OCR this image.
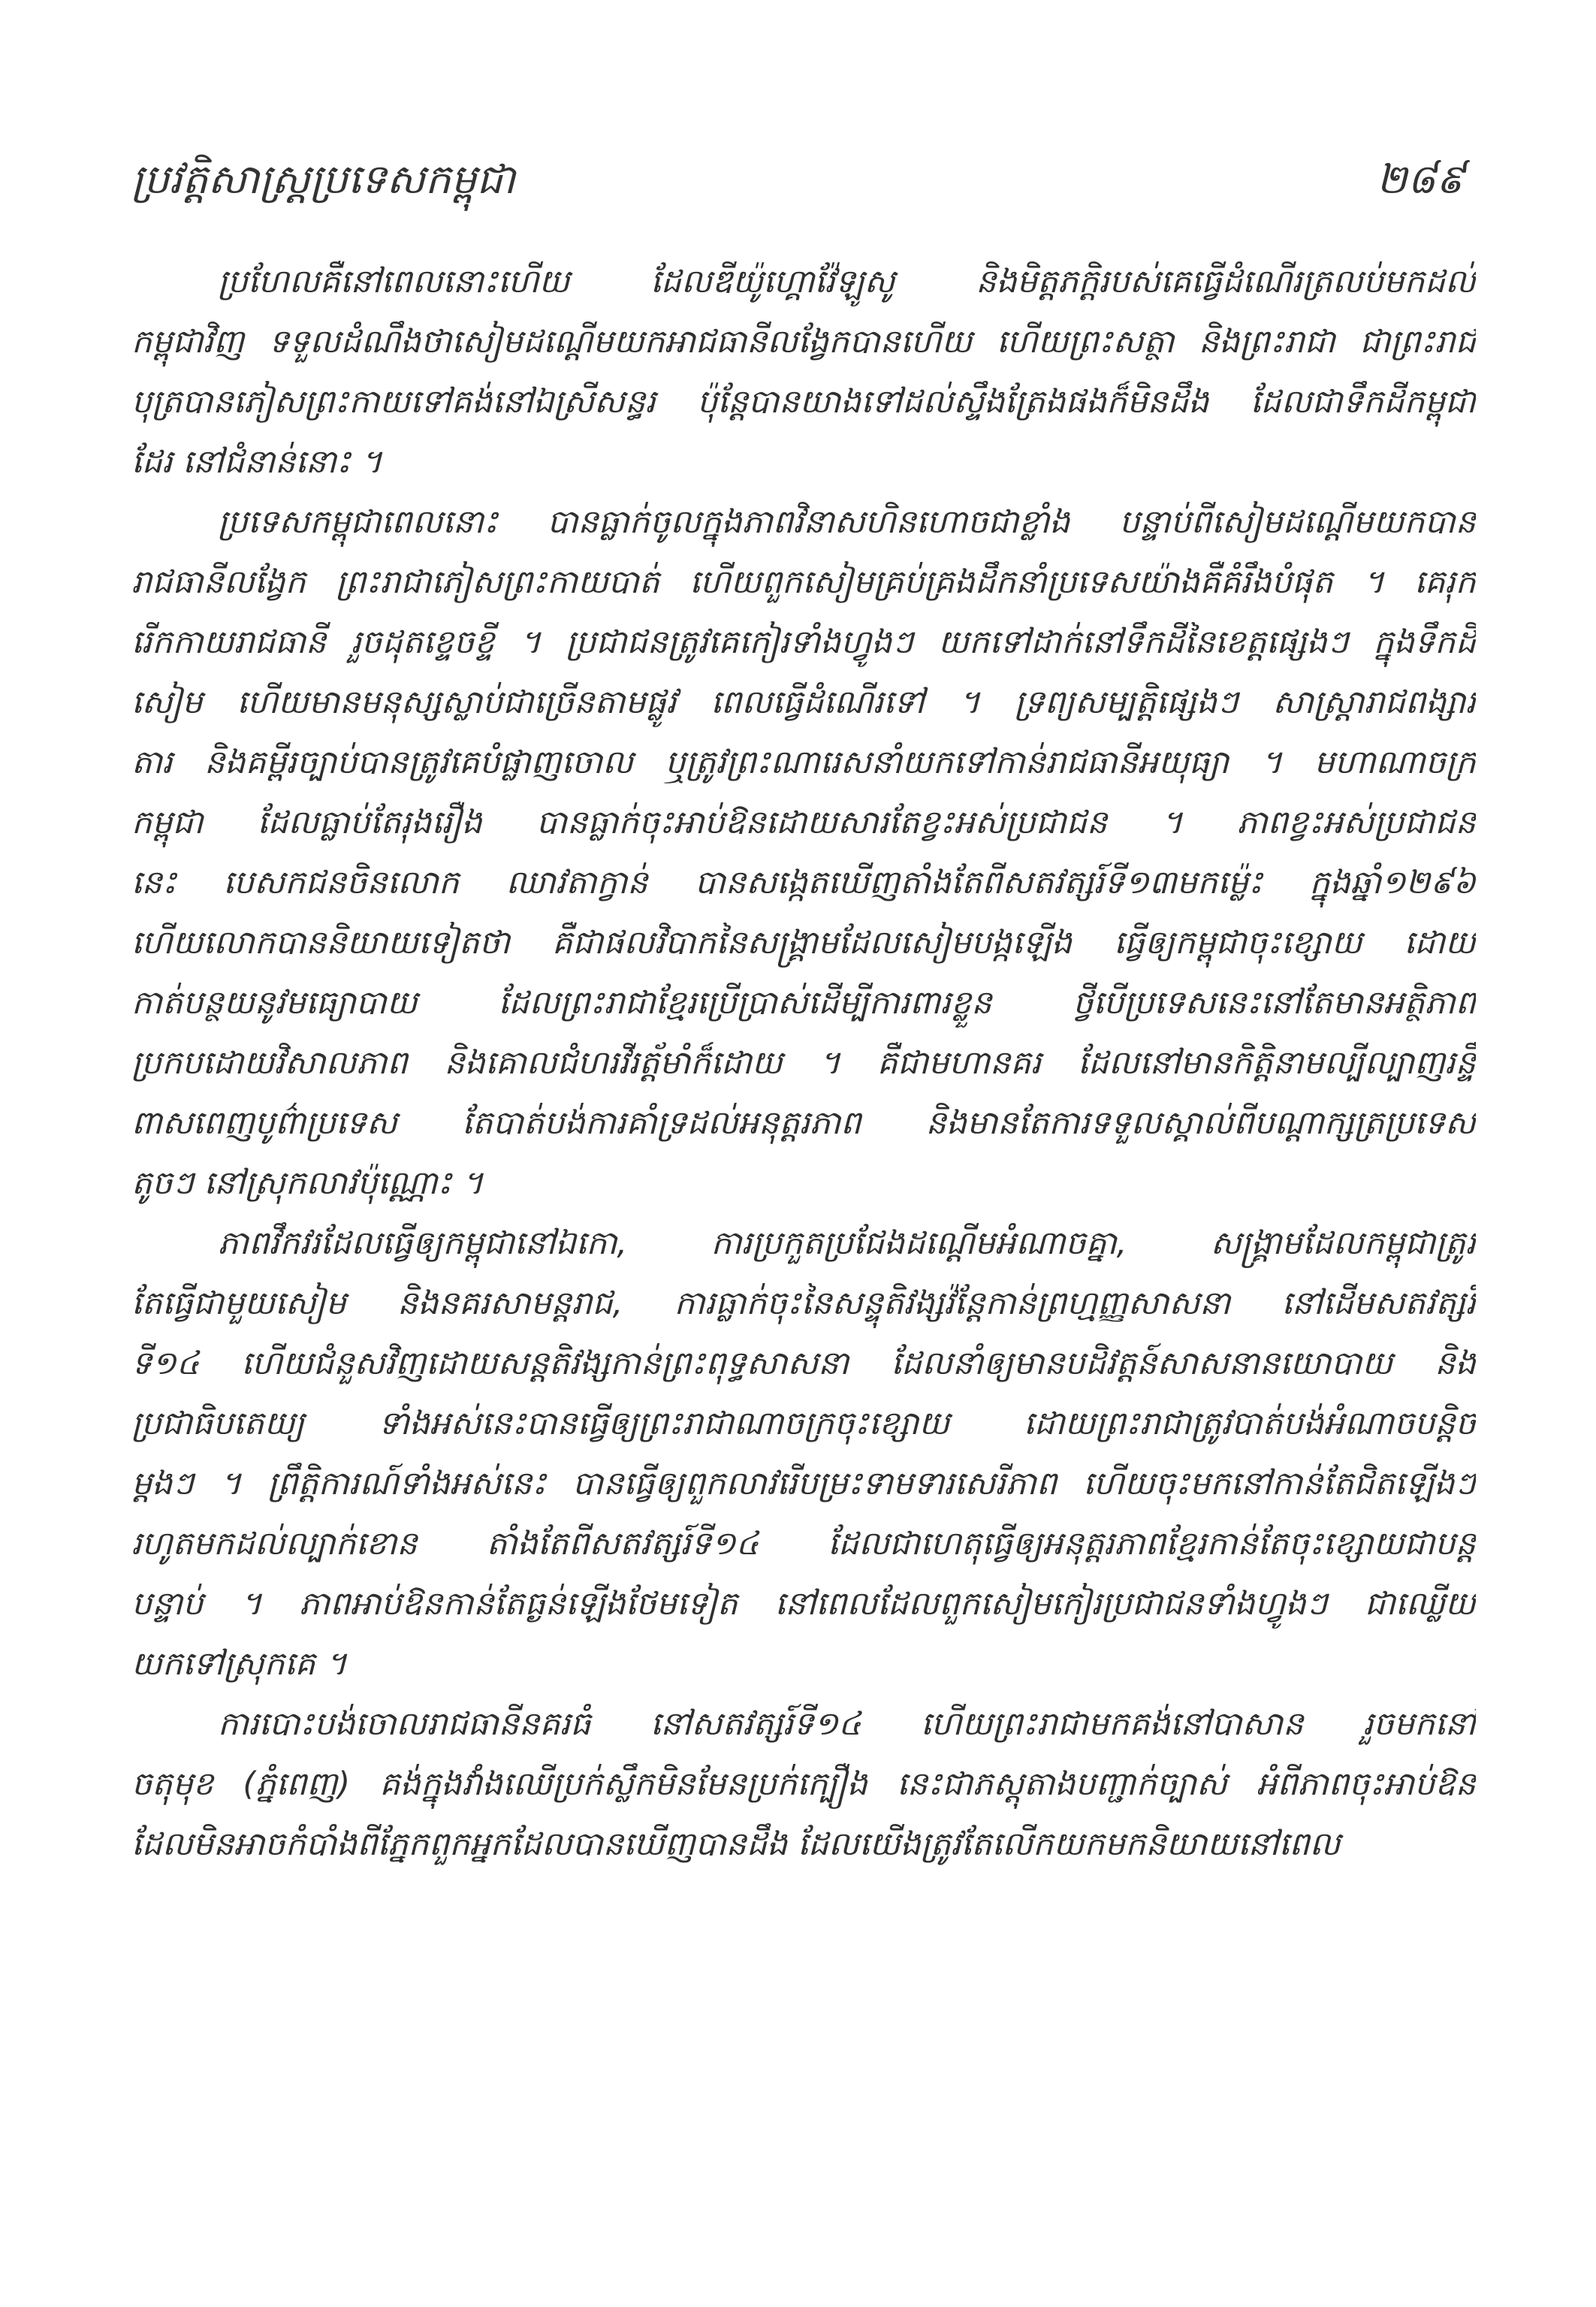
ប្រវត្តិសាស្ត្រប្រទេសកម្ពុជា	២៨៩
ប្រហែលគឺនៅពេលនោះហើយ ដែលឌីយ៉ូហ្គោវ៉ែឡូសូ និងមិត្តភក្តិរបស់គេធ្វើដំណើរត្រលប់មកដល់
កម្ពុជាវិញ ទទួលដំណឹងថាសៀមដណ្តើមយកអាជធានីលង្វែកបានហើយ ហើយព្រះសត្ថា និងព្រះរាជា ជាព្រះរាជ
បុត្របានភៀសព្រះកាយទៅគង់នៅឯស្រីសន្ធរ ប៉ុន្តែបានយាងទៅដល់ស្ទឹងត្រែងផងក៏មិនដឹង ដែលជាទឹកដីកម្ពុជា
ដែរ នៅជំនាន់នោះ ។
ប្រទេសកម្ពុជាពេលនោះ បានធ្លាក់ចូលក្នុងភាពវិនាសហិនហោចជាខ្លាំង បន្ទាប់ពីសៀមដណ្តើមយកបាន
រាជធានីលង្វែក ព្រះរាជាភៀសព្រះកាយបាត់ ហើយពួកសៀមគ្រប់គ្រងដឹកនាំប្រទេសយ៉ាងគឺគំរឹងបំផុត ។ គេរុក
រើកកាយរាជធានី រួចដុតខ្ទេចខ្ទី ។ ប្រជាជនត្រូវគេកៀរទាំងហ្វូងៗ យកទៅដាក់នៅទឹកដីនៃខេត្តផ្សេងៗ ក្នុងទឹកដី
សៀម ហើយមានមនុស្សស្លាប់ជាច្រើនតាមផ្លូវ ពេលធ្វើដំណើរទៅ ។ ទ្រព្យសម្បត្តិផ្សេងៗ សាស្ត្រារាជពង្សាវ
តារ និងគម្ពីរច្បាប់បានត្រូវគេបំផ្លាញចោល ឬត្រូវព្រះណារេសនាំយកទៅកាន់រាជធានីអយុធ្យា ។ មហាណាចក្រ
កម្ពុជា ដែលធ្លាប់តែរុងរឿង បានធ្លាក់ចុះអាប់ឱនដោយសារតែខ្វះអស់ប្រជាជន ។ ភាពខ្វះអស់ប្រជាជន
នេះ បេសកជនចិនលោក ឈាវតាក្វាន់ បានសង្កេតឃើញតាំងតែពីសតវត្សរ៍ទី១៣មកម្ល៉េះ ក្នុងឆ្នាំ១២៩៦
ហើយលោកបាននិយាយទៀតថា គឺជាផលវិបាកនៃសង្គ្រាមដែលសៀមបង្កឡើង ធ្វើឲ្យកម្ពុជាចុះខ្សោយ ដោយ
កាត់បន្ថយនូវមធ្យោបាយ ដែលព្រះរាជាខ្មែរប្រើប្រាស់ដើម្បីការពារខ្លួន ថ្វីបើប្រទេសនេះនៅតែមានអត្ថិភាព
ប្រកបដោយវិសាលភាព និងគោលជំហរវីរត្ត័មាំក៏ដោយ ។ គឺជាមហានគរ ដែលនៅមានកិត្តិនាមល្បីល្បាញរន្ទឺ
ពាសពេញបូព៌ាប្រទេស តែបាត់បង់ការគាំទ្រដល់អនុត្តរភាព និងមានតែការទទួលស្គាល់ពីបណ្តាក្សត្រប្រទេស
តូចៗ នៅស្រុកលាវប៉ុណ្ណោះ ។
ភាពវឹកវរដែលធ្វើឲ្យកម្ពុជានៅឯកោ, ការប្រកួតប្រជែងដណ្តើមអំណាចគ្នា, សង្គ្រាមដែលកម្ពុជាត្រូវ
តែធ្វើជាមួយសៀម និងនគរសាមន្តរាជ, ការធ្លាក់ចុះនៃសន្ទុតិវង្សវ៉ន្តែកាន់ព្រហ្មញ្ញសាសនា នៅដើមសតវត្សរ៍
ទី១៤ ហើយជំនួសវិញដោយសន្តតិវង្សកាន់ព្រះពុទ្ធសាសនា ដែលនាំឲ្យមានបដិវត្តន៍សាសនានយោបាយ និង
ប្រជាធិបតេយ្យ ទាំងអស់នេះបានធ្វើឲ្យព្រះរាជាណាចក្រចុះខ្សោយ ដោយព្រះរាជាត្រូវបាត់បង់អំណាចបន្តិច
ម្តងៗ ។ ព្រឹត្តិការណ៍ទាំងអស់នេះ បានធ្វើឲ្យពួកលាវរើបម្រះទាមទារសេរីភាព ហើយចុះមកនៅកាន់តែជិតឡើងៗ
រហូតមកដល់ល្បាក់ខោន តាំងតែពីសតវត្សរ៍ទី១៤ ដែលជាហេតុធ្វើឲ្យអនុត្តរភាពខ្មែរកាន់តែចុះខ្សោយជាបន្ត
បន្ទាប់ ។ ភាពអាប់ឱនកាន់តែធ្ងន់ឡើងថែមទៀត នៅពេលដែលពួកសៀមកៀរប្រជាជនទាំងហ្វូងៗ ជាឈ្លើយ
យកទៅស្រុកគេ ។
ការបោះបង់ចោលរាជធានីនគរធំ នៅសតវត្សរ៍ទី១៤ ហើយព្រះរាជាមកគង់នៅបាសាន រួចមកនៅ
ចតុមុខ (ភ្នំពេញ) គង់ក្នុងវាំងឈើប្រក់ស្លឹកមិនមែនប្រក់ក្បឿង នេះជាភស្តុតាងបញ្ជាក់ច្បាស់ អំពីភាពចុះអាប់ឱន
ដែលមិនអាចកំបាំងពីភ្នែកពួកអ្នកដែលបានឃើញបានដឹង ដែលយើងត្រូវតែលើកយកមកនិយាយនៅពេល
